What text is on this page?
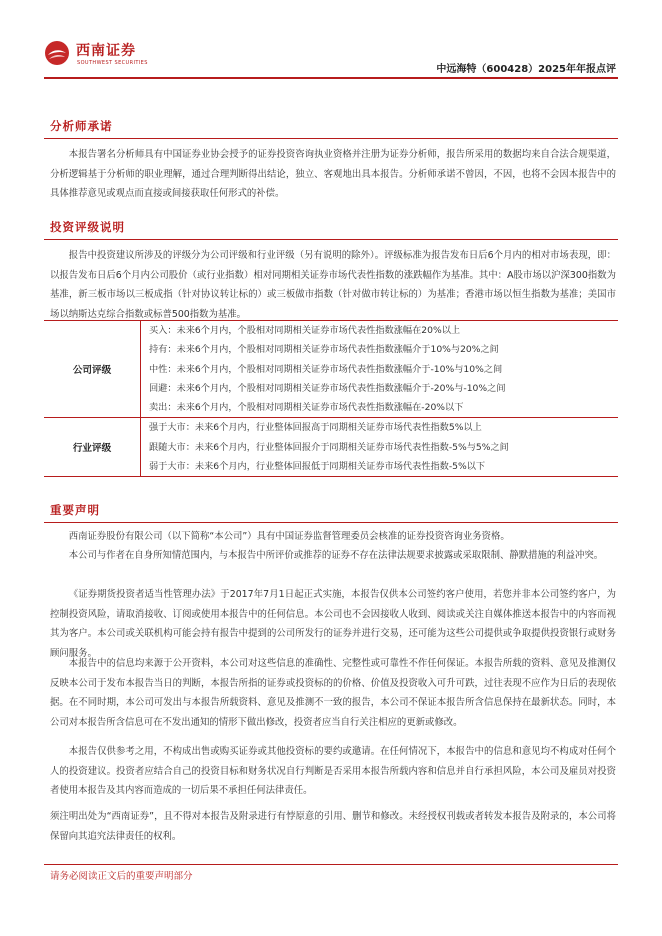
西南证券
SOUTHWEST SECURITIES
中远海特（600428）2025年年报点评
分析师承诺
本报告署名分析师具有中国证券业协会授予的证券投资咨询执业资格并注册为证券分析师，报告所采用的数据均来自合法合规渠道，分析逻辑基于分析师的职业理解，通过合理判断得出结论，独立、客观地出具本报告。分析师承诺不曾因，不因，也将不会因本报告中的具体推荐意见或观点而直接或间接获取任何形式的补偿。
投资评级说明
报告中投资建议所涉及的评级分为公司评级和行业评级（另有说明的除外）。评级标准为报告发布日后6个月内的相对市场表现，即：以报告发布日后6个月内公司股价（或行业指数）相对同期相关证券市场代表性指数的涨跌幅作为基准。其中：A股市场以沪深300指数为基准，新三板市场以三板成指（针对协议转让标的）或三板做市指数（针对做市转让标的）为基准；香港市场以恒生指数为基准；美国市场以纳斯达克综合指数或标普500指数为基准。
公司评级
买入：未来6个月内，个股相对同期相关证券市场代表性指数涨幅在20%以上
持有：未来6个月内，个股相对同期相关证券市场代表性指数涨幅介于10%与20%之间
中性：未来6个月内，个股相对同期相关证券市场代表性指数涨幅介于-10%与10%之间
回避：未来6个月内，个股相对同期相关证券市场代表性指数涨幅介于-20%与-10%之间
卖出：未来6个月内，个股相对同期相关证券市场代表性指数涨幅在-20%以下
行业评级
强于大市：未来6个月内，行业整体回报高于同期相关证券市场代表性指数5%以上
跟随大市：未来6个月内，行业整体回报介于同期相关证券市场代表性指数-5%与5%之间
弱于大市：未来6个月内，行业整体回报低于同期相关证券市场代表性指数-5%以下
重要声明
西南证券股份有限公司（以下简称“本公司”）具有中国证券监督管理委员会核准的证券投资咨询业务资格。
本公司与作者在自身所知情范围内，与本报告中所评价或推荐的证券不存在法律法规要求披露或采取限制、静默措施的利益冲突。
《证券期货投资者适当性管理办法》于2017年7月1日起正式实施，本报告仅供本公司签约客户使用，若您并非本公司签约客户，为控制投资风险，请取消接收、订阅或使用本报告中的任何信息。本公司也不会因接收人收到、阅读或关注自媒体推送本报告中的内容而视其为客户。本公司或关联机构可能会持有报告中提到的公司所发行的证券并进行交易，还可能为这些公司提供或争取提供投资银行或财务顾问服务。
本报告中的信息均来源于公开资料，本公司对这些信息的准确性、完整性或可靠性不作任何保证。本报告所载的资料、意见及推测仅反映本公司于发布本报告当日的判断，本报告所指的证券或投资标的的价格、价值及投资收入可升可跌，过往表现不应作为日后的表现依据。在不同时期，本公司可发出与本报告所载资料、意见及推测不一致的报告，本公司不保证本报告所含信息保持在最新状态。同时，本公司对本报告所含信息可在不发出通知的情形下做出修改，投资者应当自行关注相应的更新或修改。
本报告仅供参考之用，不构成出售或购买证券或其他投资标的要约或邀请。在任何情况下，本报告中的信息和意见均不构成对任何个人的投资建议。投资者应结合自己的投资目标和财务状况自行判断是否采用本报告所载内容和信息并自行承担风险，本公司及雇员对投资者使用本报告及其内容而造成的一切后果不承担任何法律责任。
须注明出处为“西南证券”，且不得对本报告及附录进行有悖原意的引用、删节和修改。未经授权刊载或者转发本报告及附录的，本公司将保留向其追究法律责任的权利。
请务必阅读正文后的重要声明部分
